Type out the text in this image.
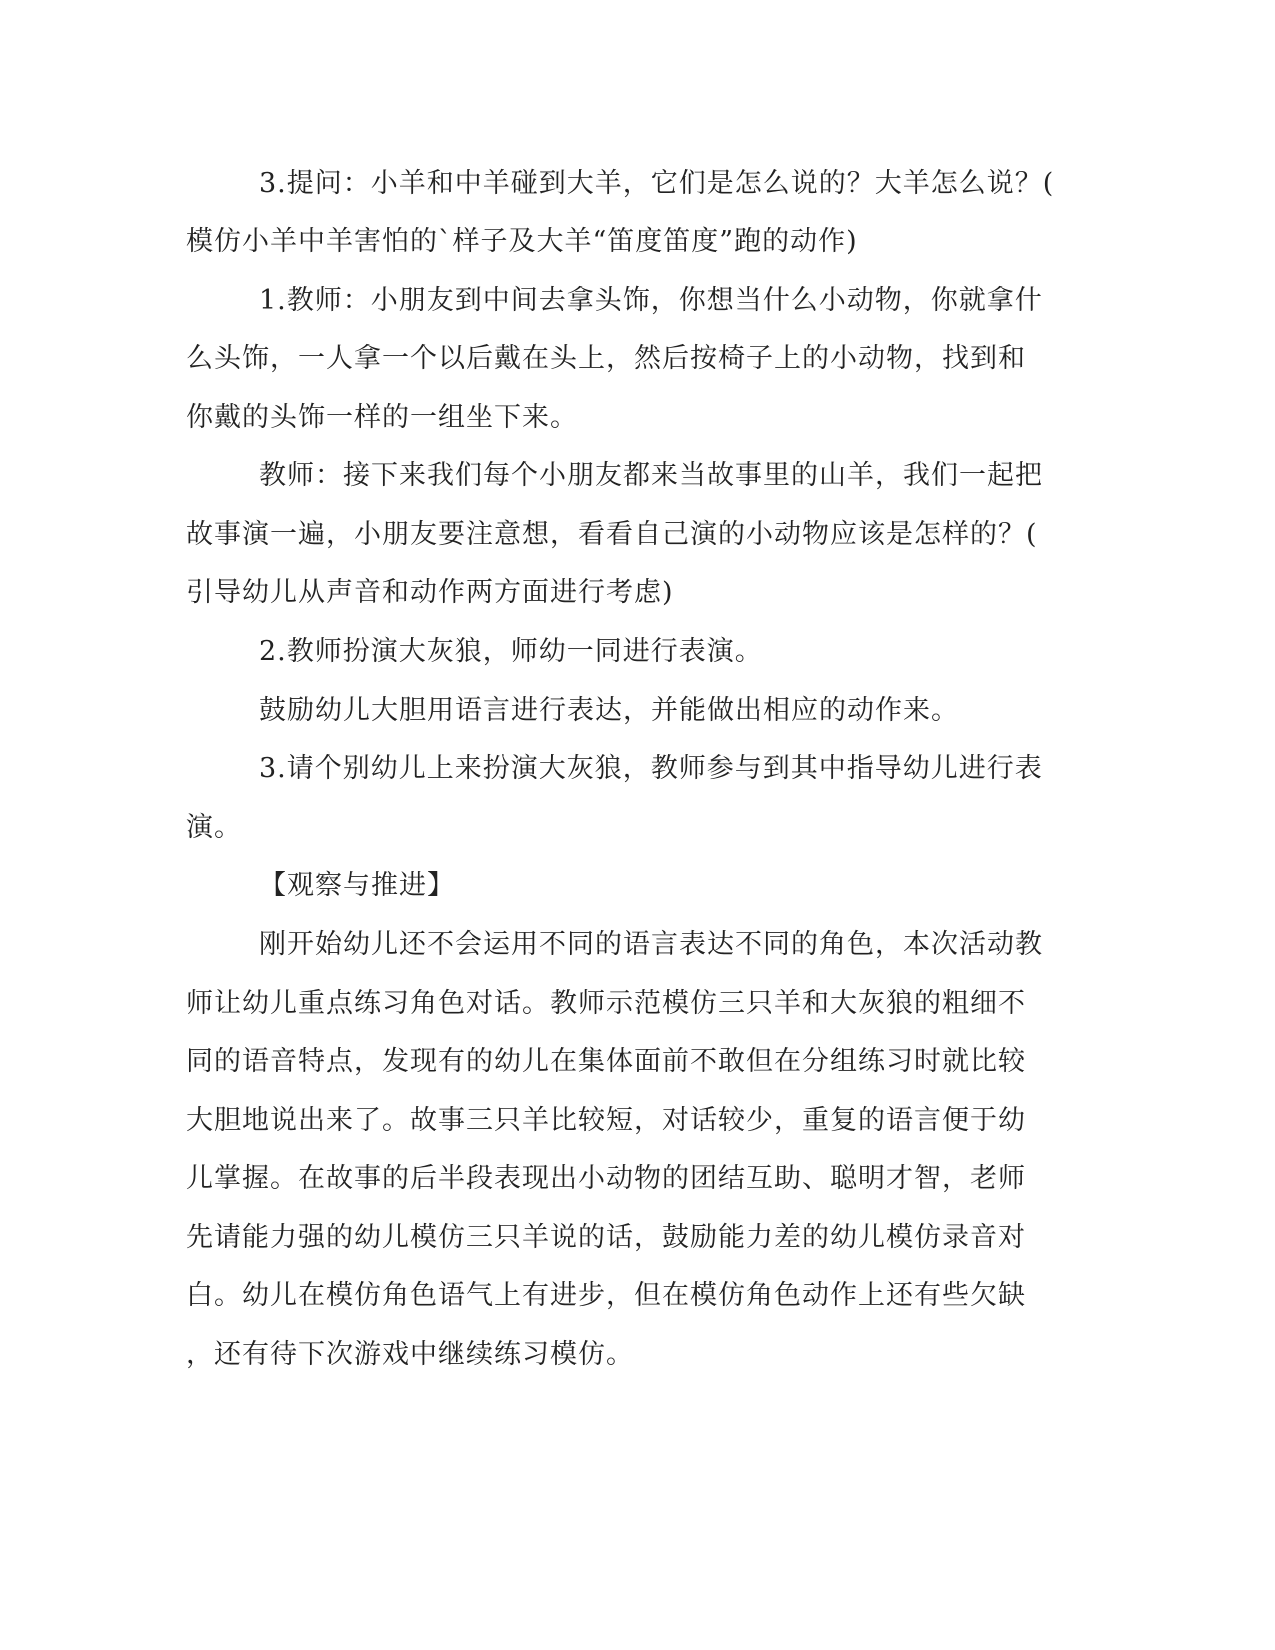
3.提问：小羊和中羊碰到大羊，它们是怎么说的？大羊怎么说？(
模仿小羊中羊害怕的`样子及大羊“笛度笛度”跑的动作)
1.教师：小朋友到中间去拿头饰，你想当什么小动物，你就拿什
么头饰，一人拿一个以后戴在头上，然后按椅子上的小动物，找到和
你戴的头饰一样的一组坐下来。
教师：接下来我们每个小朋友都来当故事里的山羊，我们一起把
故事演一遍，小朋友要注意想，看看自己演的小动物应该是怎样的？(
引导幼儿从声音和动作两方面进行考虑)
2.教师扮演大灰狼，师幼一同进行表演。
鼓励幼儿大胆用语言进行表达，并能做出相应的动作来。
3.请个别幼儿上来扮演大灰狼，教师参与到其中指导幼儿进行表
演。
【观察与推进】
刚开始幼儿还不会运用不同的语言表达不同的角色，本次活动教
师让幼儿重点练习角色对话。教师示范模仿三只羊和大灰狼的粗细不
同的语音特点，发现有的幼儿在集体面前不敢但在分组练习时就比较
大胆地说出来了。故事三只羊比较短，对话较少，重复的语言便于幼
儿掌握。在故事的后半段表现出小动物的团结互助、聪明才智，老师
先请能力强的幼儿模仿三只羊说的话，鼓励能力差的幼儿模仿录音对
白。幼儿在模仿角色语气上有进步，但在模仿角色动作上还有些欠缺
，还有待下次游戏中继续练习模仿。
